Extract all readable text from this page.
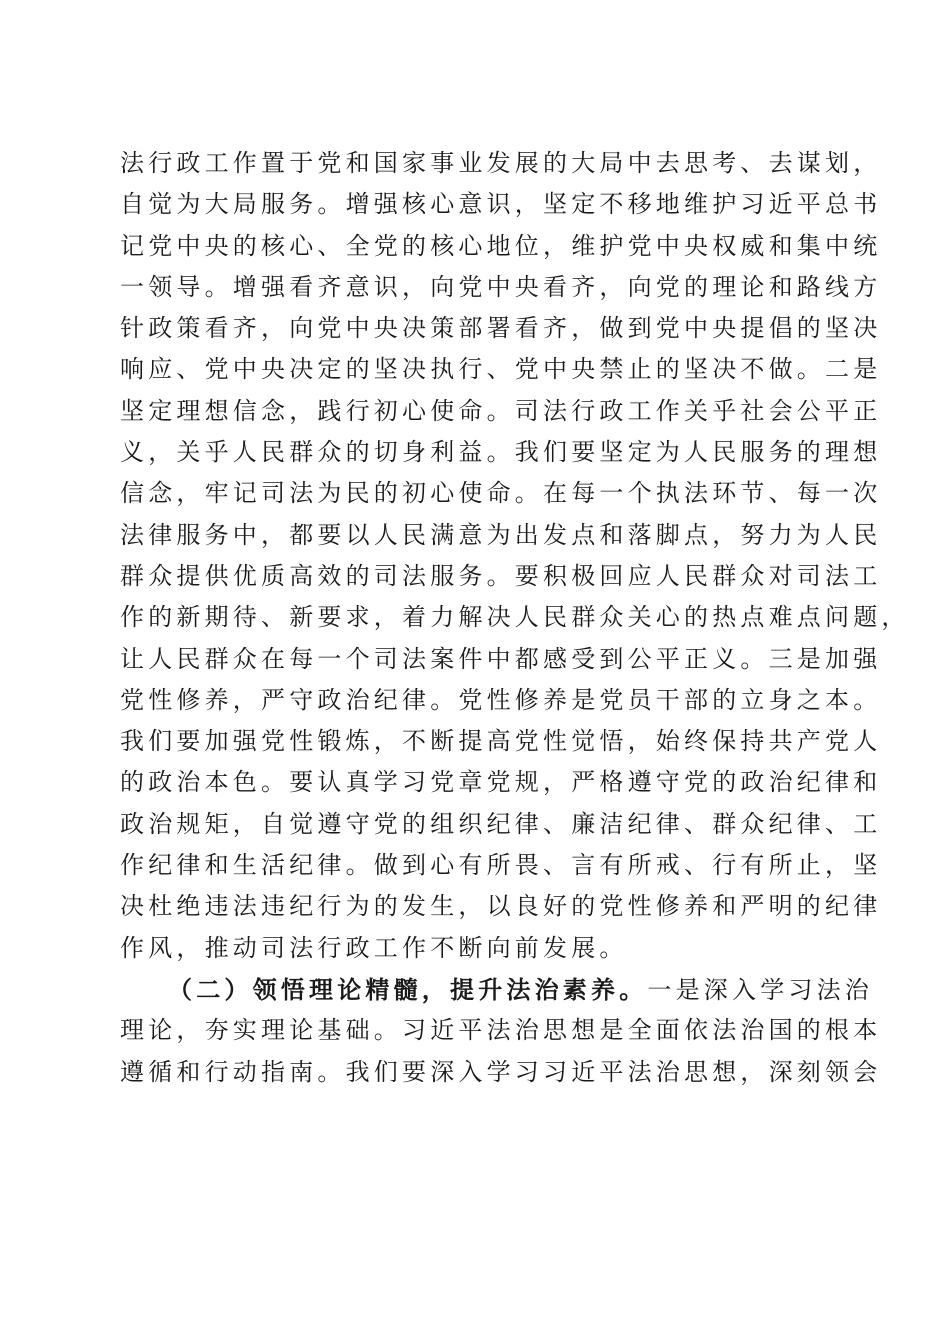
法行政工作置于党和国家事业发展的大局中去思考、去谋划，
自觉为大局服务。增强核心意识，坚定不移地维护习近平总书
记党中央的核心、全党的核心地位，维护党中央权威和集中统
一领导。增强看齐意识，向党中央看齐，向党的理论和路线方
针政策看齐，向党中央决策部署看齐，做到党中央提倡的坚决
响应、党中央决定的坚决执行、党中央禁止的坚决不做。二是
坚定理想信念，践行初心使命。司法行政工作关乎社会公平正
义，关乎人民群众的切身利益。我们要坚定为人民服务的理想
信念，牢记司法为民的初心使命。在每一个执法环节、每一次
法律服务中，都要以人民满意为出发点和落脚点，努力为人民
群众提供优质高效的司法服务。要积极回应人民群众对司法工
作的新期待、新要求，着力解决人民群众关心的热点难点问题，
让人民群众在每一个司法案件中都感受到公平正义。三是加强
党性修养，严守政治纪律。党性修养是党员干部的立身之本。
我们要加强党性锻炼，不断提高党性觉悟，始终保持共产党人
的政治本色。要认真学习党章党规，严格遵守党的政治纪律和
政治规矩，自觉遵守党的组织纪律、廉洁纪律、群众纪律、工
作纪律和生活纪律。做到心有所畏、言有所戒、行有所止，坚
决杜绝违法违纪行为的发生，以良好的党性修养和严明的纪律
作风，推动司法行政工作不断向前发展。
（二）领悟理论精髓，提升法治素养。一是深入学习法治
理论，夯实理论基础。习近平法治思想是全面依法治国的根本
遵循和行动指南。我们要深入学习习近平法治思想，深刻领会
